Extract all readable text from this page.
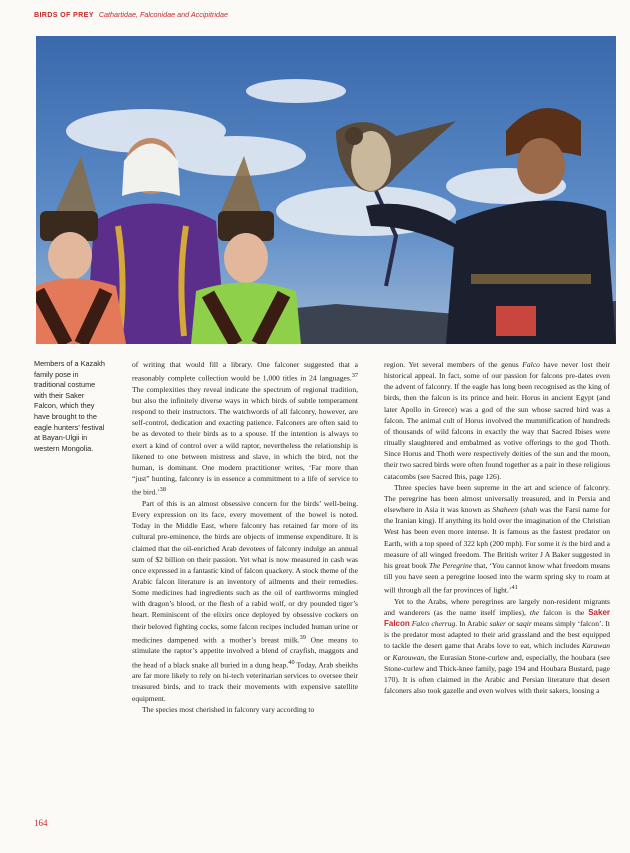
BIRDS OF PREY Cathartidae, Falconidae and Accipitridae
Members of a Kazakh family pose in traditional costume with their Saker Falcon, which they have brought to the eagle hunters’ festival at Bayan-Ulgii in western Mongolia.

of writing that would fill a library. One falconer suggested that a reasonably complete collection would be 1,000 titles in 24 languages.$^{37}$ The complexities they reveal indicate the spectrum of regional tradition, but also the infinitely diverse ways in which birds of subtle temperament respond to their instructors. The watchwords of all falconry, however, are self-control, dedication and exacting patience. Falconers are often said to be as devoted to their birds as to a spouse. If the intention is always to exert a kind of control over a wild raptor, nevertheless the relationship is likened to one between mistress and slave, in which the bird, not the human, is dominant. One modern practitioner writes, ‘Far more than “just” hunting, falconry is in essence a commitment to a life of service to the bird.’$^{38}$

Part of this is an almost obsessive concern for the birds’ well-being. Every expression on its face, every movement of the bowel is noted. Today in the Middle East, where falconry has retained far more of its cultural pre-eminence, the birds are objects of immense expenditure. It is claimed that the oil-enriched Arab devotees of falconry indulge an annual sum of $2 billion on their passion. Yet what is now measured in cash was once expressed in a fantastic kind of falcon quackery. A stock theme of the Arabic falcon literature is an inventory of ailments and their remedies. Some medicines had ingredients such as the oil of earthworms mingled with dragon’s blood, or the flesh of a rabid wolf, or dry pounded tiger’s heart. Reminiscent of the elixirs once deployed by obsessive cockers on their beloved fighting cocks, some falcon recipes included human urine or medicines dampened with a mother’s breast milk.$^{39}$ One means to stimulate the raptor’s appetite involved a blend of crayfish, maggots and the head of a black snake all buried in a dung heap.$^{40}$ Today, Arab sheikhs are far more likely to rely on hi-tech veterinarian services to oversee their treasured birds, and to track their movements with expensive satellite equipment.

The species most cherished in falconry vary according to

region. Yet several members of the genus Falco have never lost their historical appeal. In fact, some of our passion for falcons pre-dates even the advent of falconry. If the eagle has long been recognised as the king of birds, then the falcon is its prince and heir. Horus in ancient Egypt (and later Apollo in Greece) was a god of the sun whose sacred bird was a falcon. The animal cult of Horus involved the mummification of hundreds of thousands of wild falcons in exactly the way that Sacred Ibises were ritually slaughtered and embalmed as votive offerings to the god Thoth. Since Horus and Thoth were respectively deities of the sun and the moon, their two sacred birds were often found together as a pair in these religious catacombs (see Sacred Ibis, page 126).

Three species have been supreme in the art and science of falconry. The peregrine has been almost universally treasured, and in Persia and elsewhere in Asia it was known as Shaheen (shah was the Farsi name for the Iranian king). If anything its hold over the imagination of the Christian West has been even more intense. It is famous as the fastest predator on Earth, with a top speed of 322 kph (200 mph). For some it is the bird and a measure of all winged freedom. The British writer J A Baker suggested in his great book The Peregrine that, ‘You cannot know what freedom means till you have seen a peregrine loosed into the warm spring sky to roam at will through all the far provinces of light.’$^{41}$

Yet to the Arabs, where peregrines are largely non-resident migrants and wanderers (as the name itself implies), the falcon is the Saker Falcon Falco cherrug. In Arabic saker or saqir means simply ‘falcon’. It is the predator most adapted to their arid grassland and the best equipped to tackle the desert game that Arabs love to eat, which includes Karawan or Karouwan, the Eurasian Stone-curlew and, especially, the houbara (see Stone-curlew and Thick-knee family, page 194 and Houbara Bustard, page 170). It is often claimed in the Arabic and Persian literature that desert falconers also took gazelle and even wolves with their sakers, loosing a

164
